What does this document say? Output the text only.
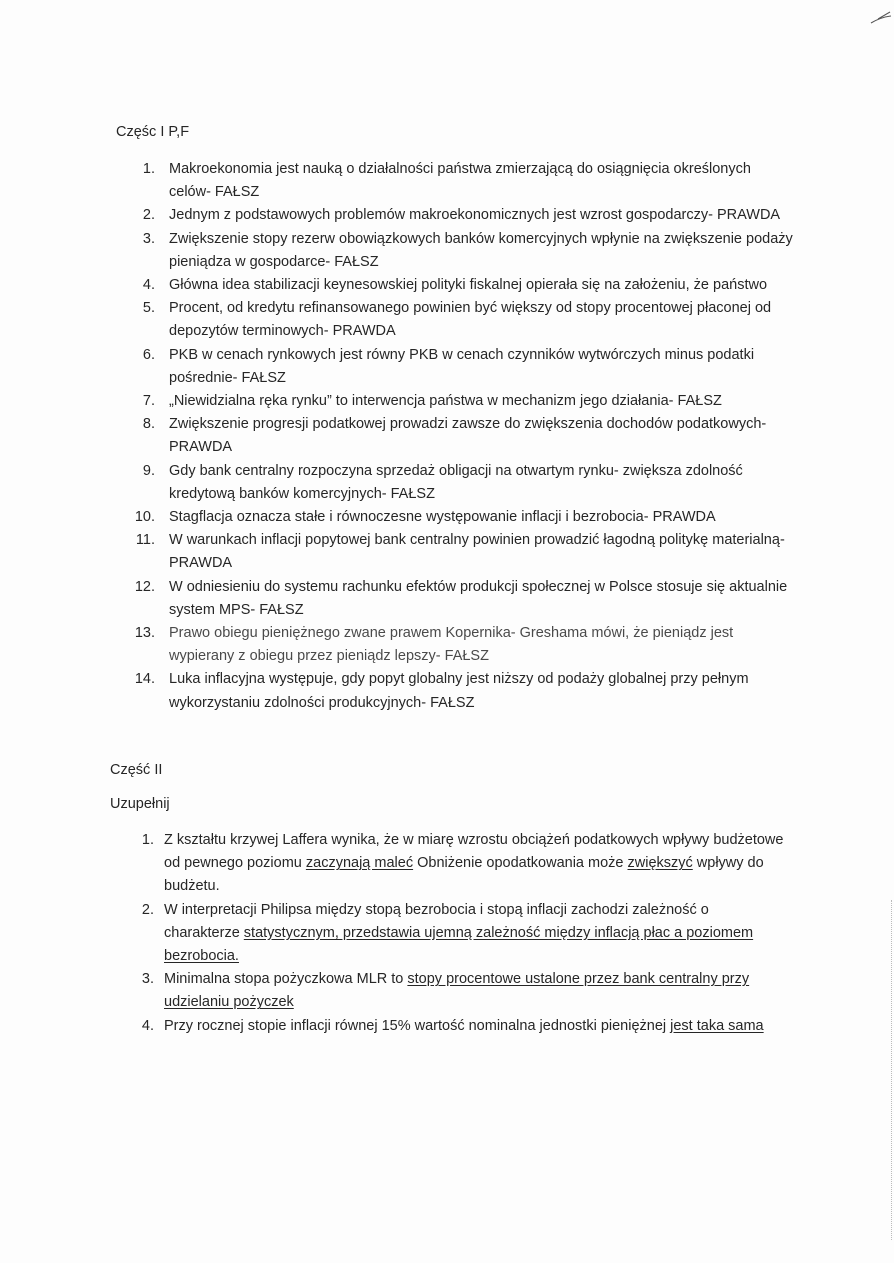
Częśc I P,F
1. Makroekonomia jest nauką o działalności państwa zmierzającą do osiągnięcia określonych celów- FAŁSZ
2. Jednym z podstawowych problemów makroekonomicznych jest wzrost gospodarczy- PRAWDA
3. Zwiększenie stopy rezerw obowiązkowych banków komercyjnych wpłynie na zwiększenie podaży pieniądza w gospodarce- FAŁSZ
4. Główna idea stabilizacji keynesowskiej polityki fiskalnej opierała się na założeniu, że państwo
5. Procent, od kredytu refinansowanego powinien być większy od stopy procentowej płaconej od depozytów terminowych- PRAWDA
6. PKB w cenach rynkowych jest równy PKB w cenach czynników wytwórczych minus podatki pośrednie- FAŁSZ
7. „Niewidzialna ręka rynku” to interwencja państwa w mechanizm jego działania- FAŁSZ
8. Zwiększenie progresji podatkowej prowadzi zawsze do zwiększenia dochodów podatkowych- PRAWDA
9. Gdy bank centralny rozpoczyna sprzedaż obligacji na otwartym rynku- zwiększa zdolność kredytową banków komercyjnych- FAŁSZ
10. Stagflacja oznacza stałe i równoczesne występowanie inflacji i bezrobocia- PRAWDA
11. W warunkach inflacji popytowej bank centralny powinien prowadzić łagodną politykę materialną- PRAWDA
12. W odniesieniu do systemu rachunku efektów produkcji społecznej w Polsce stosuje się aktualnie system MPS- FAŁSZ
13. Prawo obiegu pieniężnego zwane prawem Kopernika- Greshama mówi, że pieniądz jest wypierany z obiegu przez pieniądz lepszy- FAŁSZ
14. Luka inflacyjna występuje, gdy popyt globalny jest niższy od podaży globalnej przy pełnym wykorzystaniu zdolności produkcyjnych- FAŁSZ
Część II
Uzupełnij
1. Z kształtu krzywej Laffera wynika, że w miarę wzrostu obciążeń podatkowych wpływy budżetowe od pewnego poziomu zaczynają maleć Obniżenie opodatkowania może zwiększyć wpływy do budżetu.
2. W interpretacji Philipsa między stopą bezrobocia i stopą inflacji zachodzi zależność o charakterze statystycznym, przedstawia ujemną zależność między inflacją płac a poziomem bezrobocia.
3. Minimalna stopa pożyczkowa MLR to stopy procentowe ustalone przez bank centralny przy udzielaniu pożyczek
4. Przy rocznej stopie inflacji równej 15% wartość nominalna jednostki pieniężnej jest taka sama
